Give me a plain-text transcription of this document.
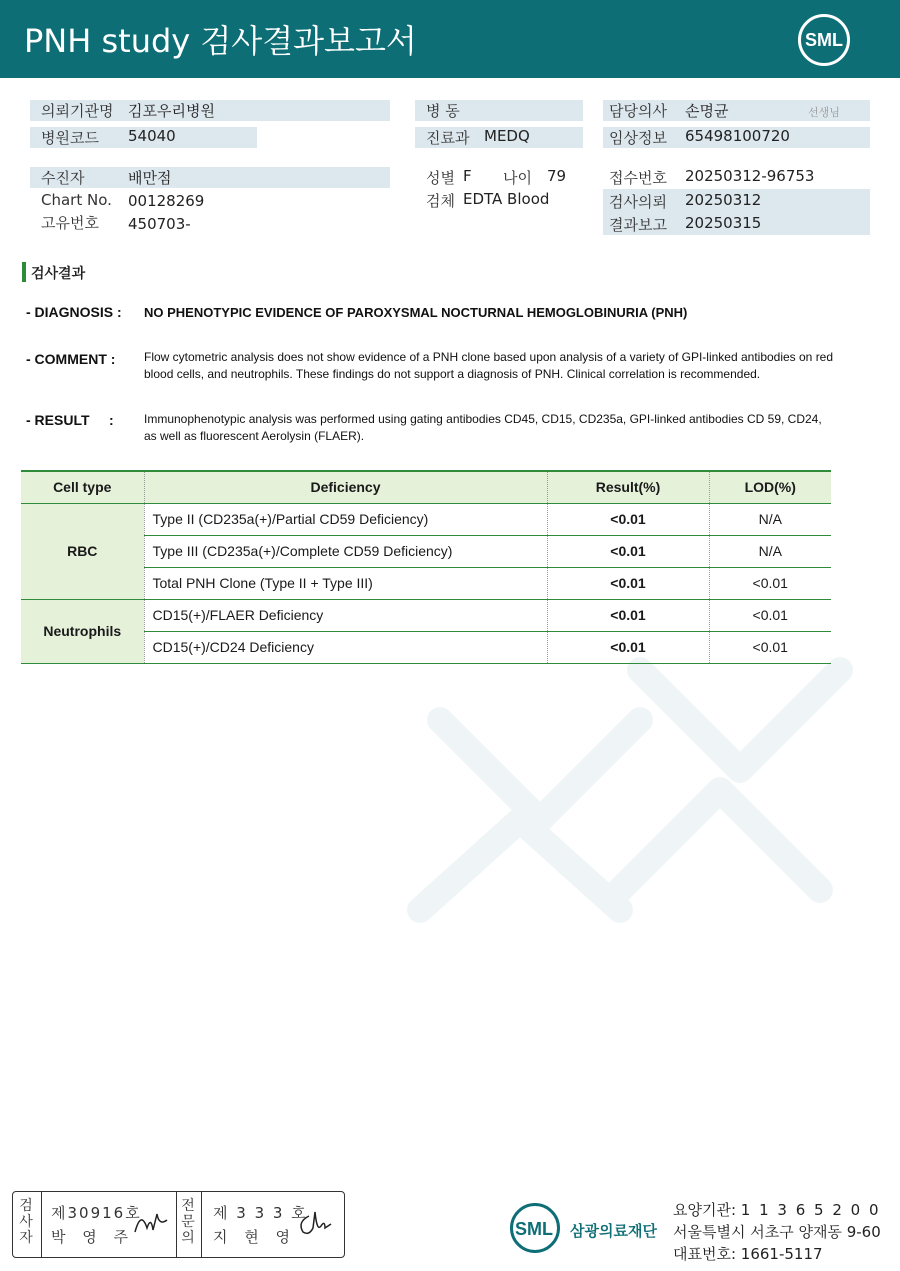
PNH study 검사결과보고서	SML
의뢰기관명 김포우리병원
병원코드 54040
수진자	배만점
Chart No. 00128269
고유번호 450703-
병 동
진료과 MEDQ
성별 F 나이 79
검체 EDTA Blood
담당의사 손명균	선생님
임상정보 65498100720
접수번호 20250312-96753
검사의뢰 20250312
결과보고 20250315
검사결과
- DIAGNOSIS : NO PHENOTYPIC EVIDENCE OF PAROXYSMAL NOCTURNAL HEMOGLOBINURIA (PNH)
- COMMENT : Flow cytometric analysis does not show evidence of a PNH clone based upon analysis of a variety of GPI-linked antibodies on red blood cells, and neutrophils. These findings do not support a diagnosis of PNH. Clinical correlation is recommended.
- RESULT     :	Immunophenotypic analysis was performed using gating antibodies CD45, CD15, CD235a, GPI-linked antibodies CD 59, CD24, as well as fluorescent Aerolysin (FLAER).
Cell type	Deficiency	Result(%)	LOD(%)
RBC	Type II (CD235a(+)/Partial CD59 Deficiency)	<0.01	N/A
	Type III (CD235a(+)/Complete CD59 Deficiency)	<0.01	N/A
	Total PNH Clone (Type II + Type III)	<0.01	<0.01
Neutrophils	CD15(+)/FLAER Deficiency	<0.01	<0.01
	CD15(+)/CD24 Deficiency	<0.01	<0.01
검사자
제30916호
박 영 주
전문의
제 3 3 3 호
지 현 영	SML 삼광의료재단
요양기관: 1 1 3 6 5 2 0 0
서울특별시 서초구 양재동 9-60
대표번호: 1661-5117
